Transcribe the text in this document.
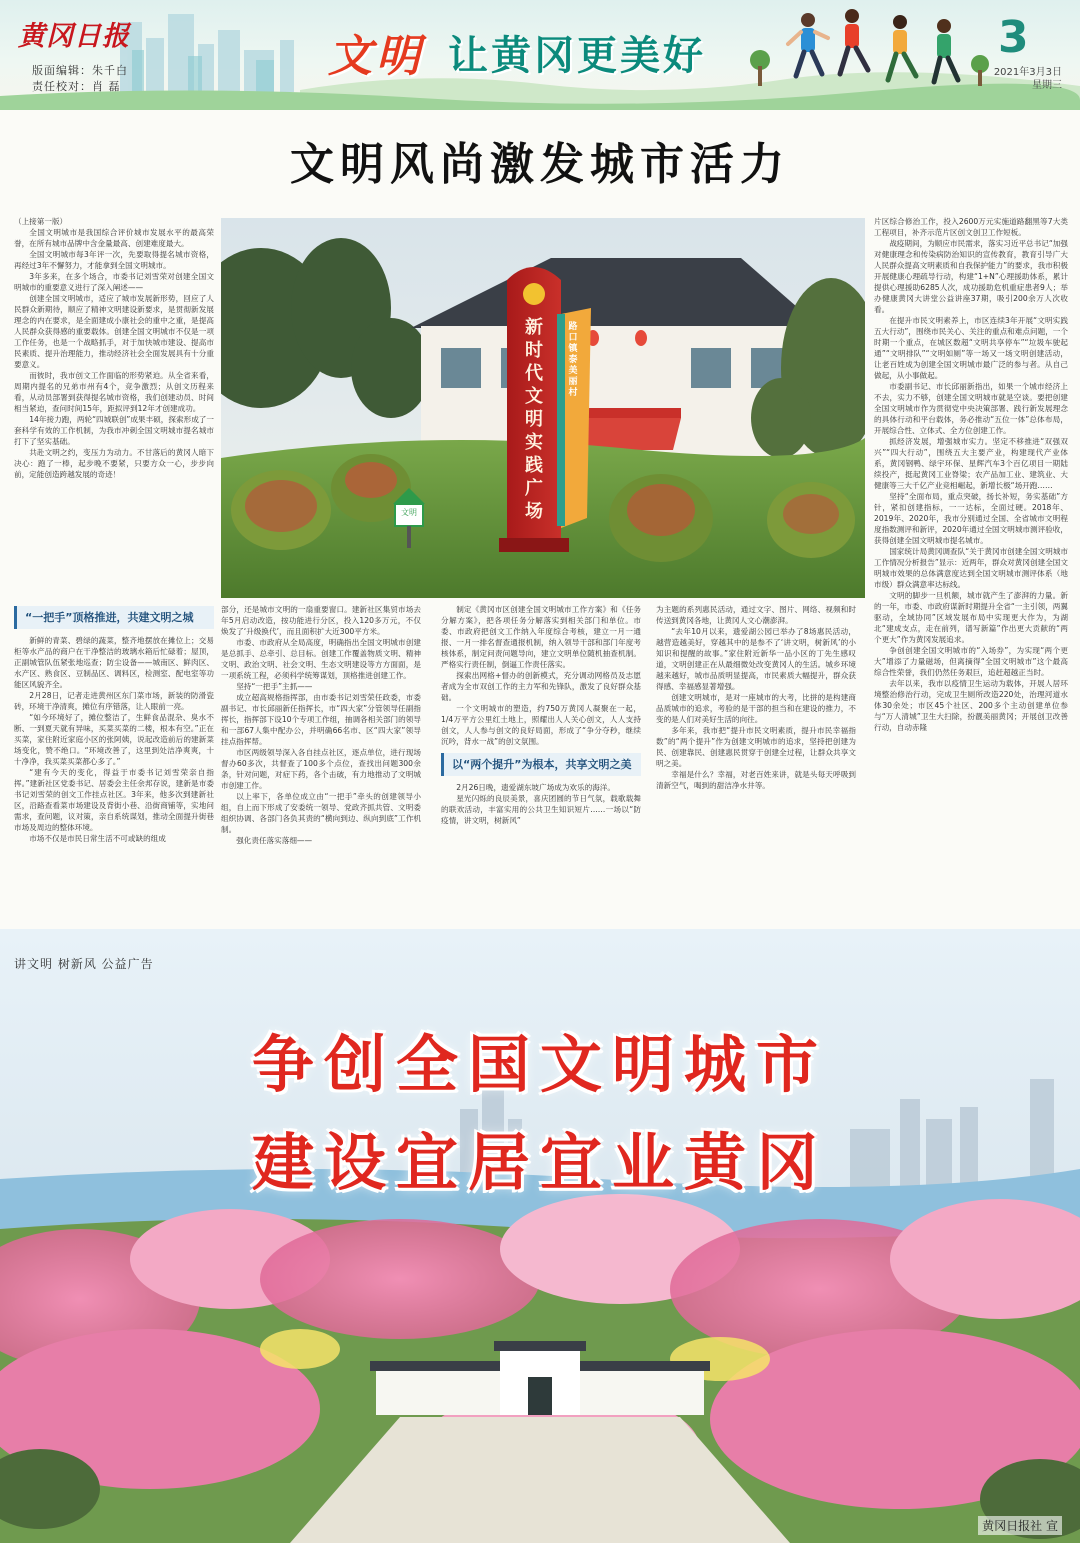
黄冈日报
版面编辑：朱千白
责任校对：肖 磊
文明 让黄冈更美好	3
2021年3月3日
星期三
文明风尚激发城市活力

（上接第一版）

全国文明城市是我国综合评价城市发展水平的最高荣誉，在所有城市品牌中含金量最高、创建难度最大。

全国文明城市每3年评一次，先要取得提名城市资格，再经过3年不懈努力，才能拿到全国文明城市。

3年多来，在多个场合，市委书记刘雪荣对创建全国文明城市的重要意义进行了深入阐述——

创建全国文明城市，适应了城市发展新形势，回应了人民群众新期待，顺应了精神文明建设新要求，是贯彻新发展理念的内在要求，是全面建成小康社会的重中之重，是提高人民群众获得感的重要载体。创建全国文明城市不仅是一项工作任务，也是一个战略抓手，对于加快城市建设、提高市民素质、提升治理能力，推动经济社会全面发展具有十分重要意义。

而彼时，我市创文工作面临的形势紧迫。从全省来看，周期内提名的兄弟市州有4个，竞争激烈；从创文历程来看，从动员部署到获得提名城市资格，我们创建动员、时间相当紧迫，查问时间15年，距拟评到12年才创建成功。

14年接力跑，两轮“四城联创”成果丰硕，探索形成了一套科学有效的工作机制，为我市冲刺全国文明城市提名城市打下了坚实基础。

共赴文明之约，变压力为动力。不甘落后的黄冈人暗下决心：跑了一棒，起步晚不要紧，只要方众一心，步步向前，定能创造跨越发展的奇迹！

“一把手”顶格推进，共建文明之城

新鲜的青菜、碧绿的蔬菜，整齐地摆放在摊位上；交易柜等水产品的商户在干净整洁的玻璃水箱后忙碌着；屋顶，正副城管队伍紧张地巡查；防尘设备——城南区、鲜肉区、水产区、熟食区、豆制品区、调料区，检测室、配电室等功能区风貌齐全。

2月28日，记者走进黄州区东门菜市场，新装的防滑瓷砖，环境干净清爽，摊位有序错落，让人眼前一亮。

“如今环境好了，摊位整洁了，生鲜食品混杂、臭水不断、一到夏天就有异味，买菜买菜的二楼，根本有空。”正在买菜，家住附近家庭小区的张阿姨，说起改造前后的建新菜场变化，赞不绝口。“环境改善了，这里到处洁净爽爽，十十净净，我买菜买菜都心多了。”

“建有今天的变化，得益于市委书记刘雪荣亲自指挥。”建新社区党委书记、居委会主任余邦存说，建新是市委书记刘雪荣的创文工作挂点社区。3年来，他多次到建新社区，沿路查看菜市场建设及背街小巷、沿街商铺等，实地问需求，查问题，议对策，亲自系统谋划，推动全面提升街巷市场及周边的整体环境。

市场不仅是市民日常生活不可或缺的组成

新时代文明实践广场
路口镇泰美丽村
文明

部分，还是城市文明的一扇重要窗口。建新社区集贸市场去年5月启动改造，按功能进行分区，投入120多万元，不仅焕发了‘升级换代’，而且面积扩大近300平方米。

市委、市政府从全局高度，明确指出全国文明城市创建是总抓手、总牵引、总目标。创建工作覆盖物质文明、精神文明、政治文明、社会文明、生态文明建设等方方面面，是一项系统工程，必须科学统筹谋划，顶格推进创建工作。

坚持“一把手”主抓——

成立超高规格指挥部，由市委书记刘雪荣任政委，市委副书记、市长邱丽新任指挥长，市“四大家”分管领导任副指挥长，指挥部下设10个专项工作组，抽调各相关部门的领导和一部67人集中配办公，并明确66名市、区“四大家”领导挂点指挥帮。

市区两级领导深入各自挂点社区，逐点单位，进行现场督办60多次，共督查了100多个点位，查找出问题300余条，针对问题，对症下药，各个击破，有力地推动了文明城市创建工作。

以上率下，各单位成立由“一把手”牵头的创建领导小组，自上而下形成了安委统一领导、党政齐抓共管、文明委组织协调、各部门各负其责的“横向到边、纵向到底”工作机制。

强化责任落实落细——

制定《黄冈市区创建全国文明城市工作方案》和《任务分解方案》，把各项任务分解落实到相关部门和单位。市委、市政府把创文工作纳入年度综合考核，建立一月一通报、一月一排名督查通报机制，纳入领导干部和部门年度考核体系，制定问责问题导向，建立文明单位随机抽查机制。严格实行责任制，倒逼工作责任落实。

探索出网格+督办的创新模式，充分调动网格员及志愿者成为全市双创工作的主力军和先锋队，激发了良好群众基础。

一个文明城市的塑造，约750万黄冈人凝聚在一起，1/4万平方公里红土地上，照耀出人人关心创文，人人支持创文，人人参与创文的良好局面，形成了“争分夺秒，继续沉吟，背水一战”的创文氛围。

以“两个提升”为根本，共享文明之美

2月26日晚，遗爱湖东坡广场成为欢乐的海洋。

星光闪烁的良辰美景，喜庆团圆的节日气氛，载歌载舞的联欢活动，丰富实用的公共卫生知识短片……一场以“防疫情，讲文明，树新风”

为主题的系列惠民活动，通过文字、图片、网络、视频和时传送到黄冈各地，让黄冈人文心潮澎湃。

“去年10月以来，遗爱湖公园已举办了8场惠民活动，越营造越美好，穿越其中的是参不了‘讲文明，树新风’的小知识和提醒的故事。”家住附近新华一品小区的丁先生感叹道，文明创建正在从最细微处改变黄冈人的生活。城乡环境越来越好，城市品质明显提高，市民素质大幅提升，群众获得感、幸福感显著增强。

创建文明城市，是对一座城市的大考，比拼的是构建商品质城市的追求，考验的是干部的担当和在建设的推力，不变的是人们对美好生活的向往。

多年来，我市把“提升市民文明素质，提升市民幸福指数”的“两个提升”作为创建文明城市的追求，坚持把创建为民、创建靠民、创建惠民贯穿于创建全过程，让群众共享文明之美。

幸福是什么？幸福，对老百姓来讲，就是头每天呼吸到清新空气，喝到的甜洁净水井等。

片区综合修治工作，投入2600万元实施道路翻黑等7大类工程项目，补齐示范片区创文创卫工作短板。

战疫期间，为顺应市民需求，落实习近平总书记“加强对健康理念和传染病防治知识的宣传教育，教育引导广大人民群众提高文明素质和自我保护能力”的要求，我市积极开展健康心理疏导行动，构建“1+N”心理援助体系，累计提供心理援助6285人次，成功援助危机重症患者9人；举办健康黄冈大讲堂公益讲座37期，吸引200余万人次收看。

在提升市民文明素养上，市区连续3年开展“文明实践五大行动”，围绕市民关心、关注的重点和难点问题，一个时期一个重点，在城区数超“文明共享停车”“垃圾车驶起通”“文明排队”“文明如厕”等一场又一场文明创建活动，让老百姓成为创建全国文明城市最广泛的参与者。从自己做起，从小事做起。

市委副书记、市长邱丽新指出，如果一个城市经济上不去，实力不够，创建全国文明城市就是空谈。要把创建全国文明城市作为贯彻党中央决策部署、践行新发展理念的具体行动和平台载体，务必推动“五位一体”总体布局，开展综合性、立体式、全方位创建工作。

抓经济发展，增强城市实力。坚定不移推进“双强双兴”“四大行动”，围绕五大主要产业，构建现代产业体系，黄冈钢鸭、绿宇环保、星辉汽车3个百亿项目一期陆续投产，挺起黄冈工业脊梁；农产品加工业、建筑业、大健康等三大千亿产业竞相崛起，新增长极“场开跑……

坚持“全面布局，重点突破，扬长补短，务实基础”方针，紧扣创建指标，一一达标，全面过硬。2018年、2019年、2020年，我市分别通过全国、全省城市文明程度指数测评和新评，2020年通过全国文明城市测评验收，获得创建全国文明城市提名城市。

国家统计局黄冈调查队“关于黄冈市创建全国文明城市工作情况分析报告”显示：近两年，群众对黄冈创建全国文明城市效果的总体满意度达到全国文明城市测评体系（地市级）群众满意率达标线。

文明的脚步一旦机额，城市就产生了澎湃的力量。新的一年，市委、市政府谋新时期提升全省“一主引领，两翼驱动，全域协同”区域发展布局中实现更大作为，为湖北“建成支点，走在前列，谱写新篇”作出更大贡献的“两个更大”作为黄冈发展追求。

争创创建全国文明城市的“入场券”，为实现“两个更大”增添了力量磁场，但离摘得“全国文明城市”这个最高综合性荣誉，我们仍然任务艰巨，追赶超越正当时。

去年以来，我市以疫情卫生运动为载体，开展人居环境整治修治行动，完成卫生厕所改造220处，治理河道水体30余处；市区45个社区、200多个主动创建单位参与“万人清城”卫生大扫除，扮靓美丽黄冈；开展创卫改善行动，自动赤隆

讲文明 树新风 公益广告
争创全国文明城市
建设宜居宜业黄冈
黄冈日报社 宣
